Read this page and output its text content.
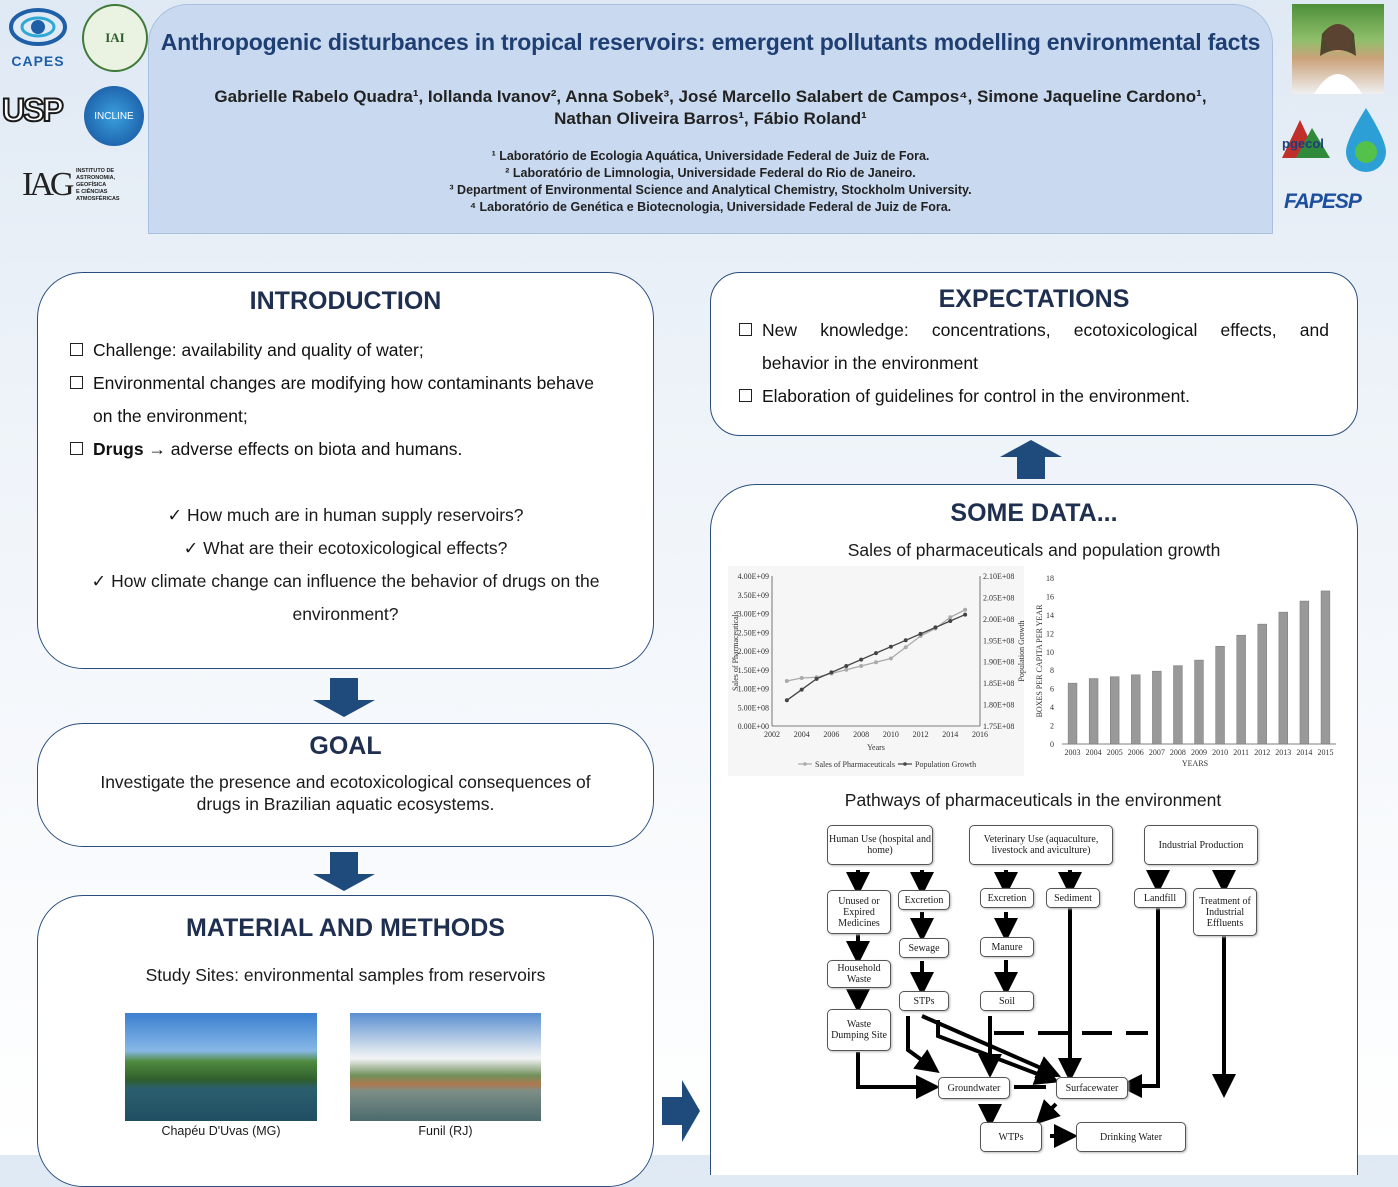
CAPES
IAI
USP	INCLINE
IAG INSTITUTO DE
ASTRONOMIA,
GEOFÍSICA
E CIÊNCIAS
ATMOSFÉRICAS
Anthropogenic disturbances in tropical reservoirs: emergent pollutants modelling environmental facts
Gabrielle Rabelo Quadra¹, Iollanda Ivanov², Anna Sobek³, José Marcello Salabert de Campos⁴, Simone Jaqueline Cardono¹,
Nathan Oliveira Barros¹, Fábio Roland¹
¹ Laboratório de Ecologia Aquática, Universidade Federal de Juiz de Fora.
² Laboratório de Limnologia, Universidade Federal do Rio de Janeiro.
³ Department of Environmental Science and Analytical Chemistry, Stockholm University.
⁴ Laboratório de Genética e Biotecnologia, Universidade Federal de Juiz de Fora.
pgecol
FAPESP
INTRODUCTION
Challenge: availability and quality of water;
Environmental changes are modifying how contaminants behave
on the environment;
Drugs → adverse effects on biota and humans.
✓ How much are in human supply reservoirs?
✓ What are their ecotoxicological effects?
✓ How climate change can influence the behavior of drugs on the
environment?
GOAL
Investigate the presence and ecotoxicological consequences of
drugs in Brazilian aquatic ecosystems.
MATERIAL AND METHODS
Study Sites: environmental samples from reservoirs
Chapéu D'Uvas (MG)	Funil (RJ)
EXPECTATIONS
New knowledge: concentrations, ecotoxicological effects, and
behavior in the environment
Elaboration of guidelines for control in the environment.
SOME DATA...
Sales of pharmaceuticals and population growth
0.00E+00
5.00E+08
1.00E+09
1.50E+09
2.00E+09
2.50E+09
3.00E+09
3.50E+09
4.00E+09
1.75E+08
1.80E+08
1.85E+08
1.90E+08
1.95E+08
2.00E+08
2.05E+08
2.10E+08
2002 2004 2006 2008 2010 2012 2014 2016
Years
Sales of Pharmaceuticals	Population Growth
Sales of Pharmaceuticals	Population Growth
0
2
4
6
8
10
12
14
16
18
2003 2004 2005 2006 2007 2008 2009 2010 2011 2012 2013 2014 2015
YEARS
BOXES PER CAPITA PER YEAR
Pathways of pharmaceuticals in the environment
Human Use (hospital and home)
Veterinary Use (aquaculture, livestock and aviculture)	Industrial Production
Unused or Expired Medicines
Excretion	Excretion	Sediment	Landfill	Treatment of Industrial Effluents
Sewage	Manure
Household Waste
STPs	Soil
Waste Dumping Site
Groundwater	Surfacewater
WTPs	Drinking Water
